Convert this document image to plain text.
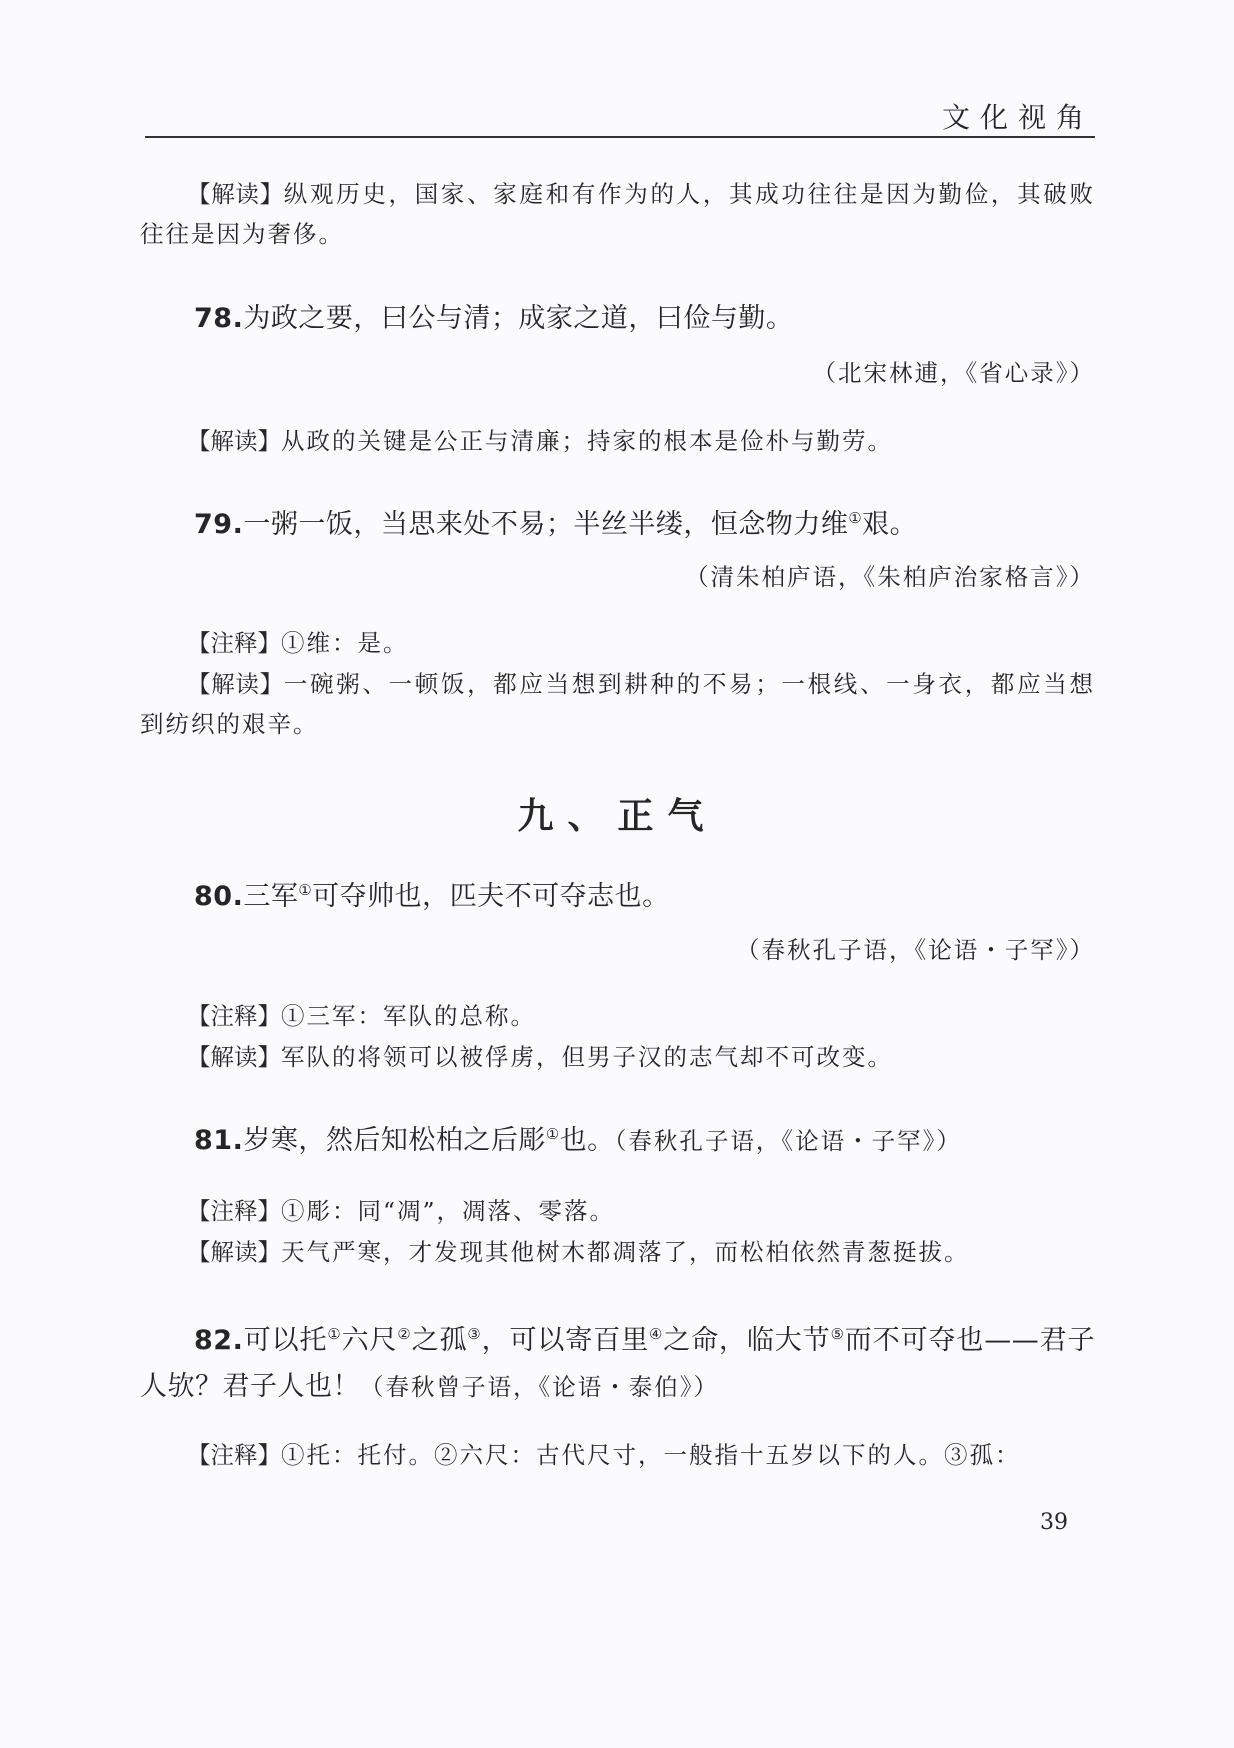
文化视角
【解读】纵观历史，国家、家庭和有作为的人，其成功往往是因为勤俭，其破败往往是因为奢侈。
78.为政之要，曰公与清；成家之道，曰俭与勤。
（北宋林逋，《省心录》）
【解读】从政的关键是公正与清廉；持家的根本是俭朴与勤劳。
79.一粥一饭，当思来处不易；半丝半缕，恒念物力维①艰。
（清朱柏庐语，《朱柏庐治家格言》）
【注释】①维：是。
【解读】一碗粥、一顿饭，都应当想到耕种的不易；一根线、一身衣，都应当想到纺织的艰辛。
九、正气
80.三军①可夺帅也，匹夫不可夺志也。
（春秋孔子语，《论语・子罕》）
【注释】①三军：军队的总称。
【解读】军队的将领可以被俘虏，但男子汉的志气却不可改变。
81.岁寒，然后知松柏之后彫①也。（春秋孔子语，《论语・子罕》）
【注释】①彫：同“凋”，凋落、零落。
【解读】天气严寒，才发现其他树木都凋落了，而松柏依然青葱挺拔。
82.可以托①六尺②之孤③，可以寄百里④之命，临大节⑤而不可夺也——君子人欤？君子人也！（春秋曾子语，《论语・泰伯》）
【注释】①托：托付。②六尺：古代尺寸，一般指十五岁以下的人。③孤：
39
